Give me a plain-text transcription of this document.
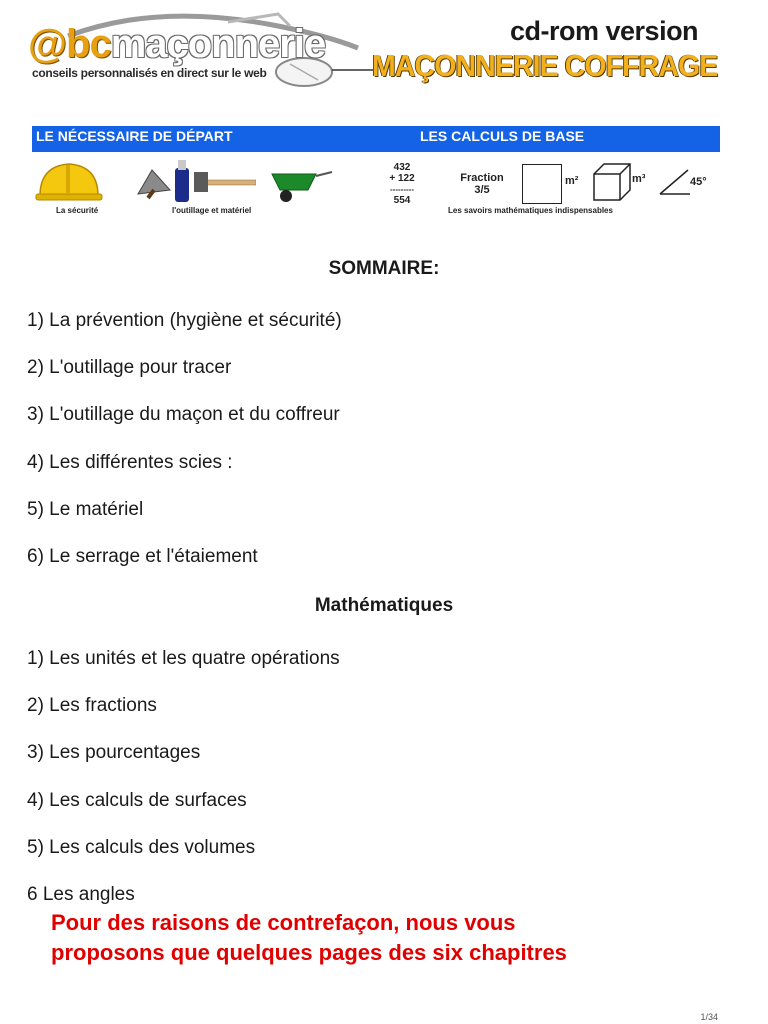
@bcmaçonnerie
conseils personnalisés en direct sur le web
cd-rom version
MAÇONNERIE COFFRAGE
LE NÉCESSAIRE DE DÉPART	LES CALCULS DE BASE
La sécurité	l'outillage et matériel
432
+ 122
---------
554
Fraction
3/5
m²	m³	45°
Les savoirs mathématiques indispensables
SOMMAIRE:
1) La prévention (hygiène et sécurité)
2) L'outillage pour tracer
3) L'outillage du maçon et du coffreur
4) Les différentes scies :
5) Le matériel
6) Le serrage et l'étaiement
Mathématiques
1) Les unités et les quatre opérations
2) Les fractions
3) Les pourcentages
4) Les calculs de surfaces
5) Les calculs des volumes
6 Les angles
Pour des raisons de contrefaçon, nous vous
proposons que quelques pages des six chapitres
1/34
